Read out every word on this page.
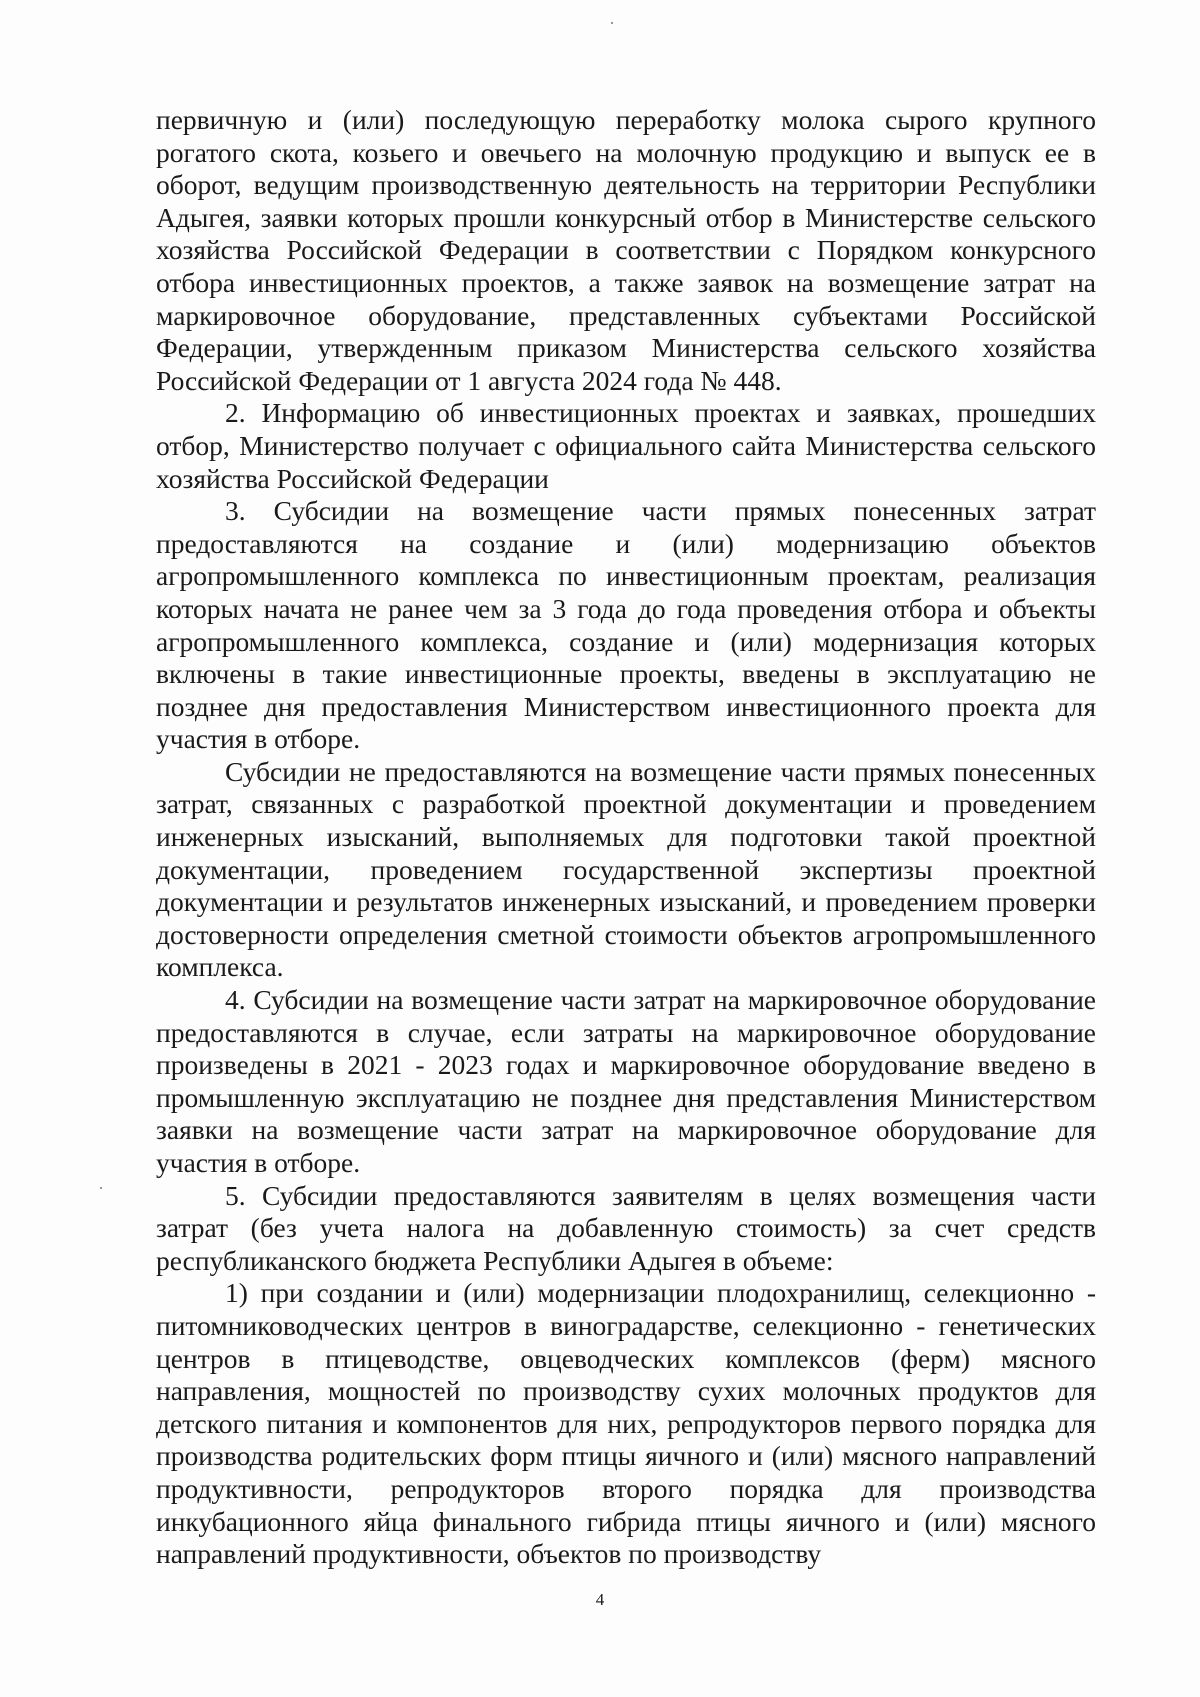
первичную и (или) последующую переработку молока сырого крупного рогатого скота, козьего и овечьего на молочную продукцию и выпуск ее в оборот, ведущим производственную деятельность на территории Республики Адыгея, заявки которых прошли конкурсный отбор в Министерстве сельского хозяйства Российской Федерации в соответствии с Порядком конкурсного отбора инвестиционных проектов, а также заявок на возмещение затрат на маркировочное оборудование, представленных субъектами Российской Федерации, утвержденным приказом Министерства сельского хозяйства Российской Федерации от 1 августа 2024 года № 448.

2. Информацию об инвестиционных проектах и заявках, прошедших отбор, Министерство получает с официального сайта Министерства сельского хозяйства Российской Федерации

3. Субсидии на возмещение части прямых понесенных затрат предоставляются на создание и (или) модернизацию объектов агропромышленного комплекса по инвестиционным проектам, реализация которых начата не ранее чем за 3 года до года проведения отбора и объекты агропромышленного комплекса, создание и (или) модернизация которых включены в такие инвестиционные проекты, введены в эксплуатацию не позднее дня предоставления Министерством инвестиционного проекта для участия в отборе.

Субсидии не предоставляются на возмещение части прямых понесенных затрат, связанных с разработкой проектной документации и проведением инженерных изысканий, выполняемых для подготовки такой проектной документации, проведением государственной экспертизы проектной документации и результатов инженерных изысканий, и проведением проверки достоверности определения сметной стоимости объектов агропромышленного комплекса.

4. Субсидии на возмещение части затрат на маркировочное оборудование предоставляются в случае, если затраты на маркировочное оборудование произведены в 2021 - 2023 годах и маркировочное оборудование введено в промышленную эксплуатацию не позднее дня представления Министерством заявки на возмещение части затрат на маркировочное оборудование для участия в отборе.

5. Субсидии предоставляются заявителям в целях возмещения части затрат (без учета налога на добавленную стоимость) за счет средств республиканского бюджета Республики Адыгея в объеме:

1) при создании и (или) модернизации плодохранилищ, селекционно - питомниководческих центров в виноградарстве, селекционно - генетических центров в птицеводстве, овцеводческих комплексов (ферм) мясного направления, мощностей по производству сухих молочных продуктов для детского питания и компонентов для них, репродукторов первого порядка для производства родительских форм птицы яичного и (или) мясного направлений продуктивности, репродукторов второго порядка для производства инкубационного яйца финального гибрида птицы яичного и (или) мясного направлений продуктивности, объектов по производству

4
